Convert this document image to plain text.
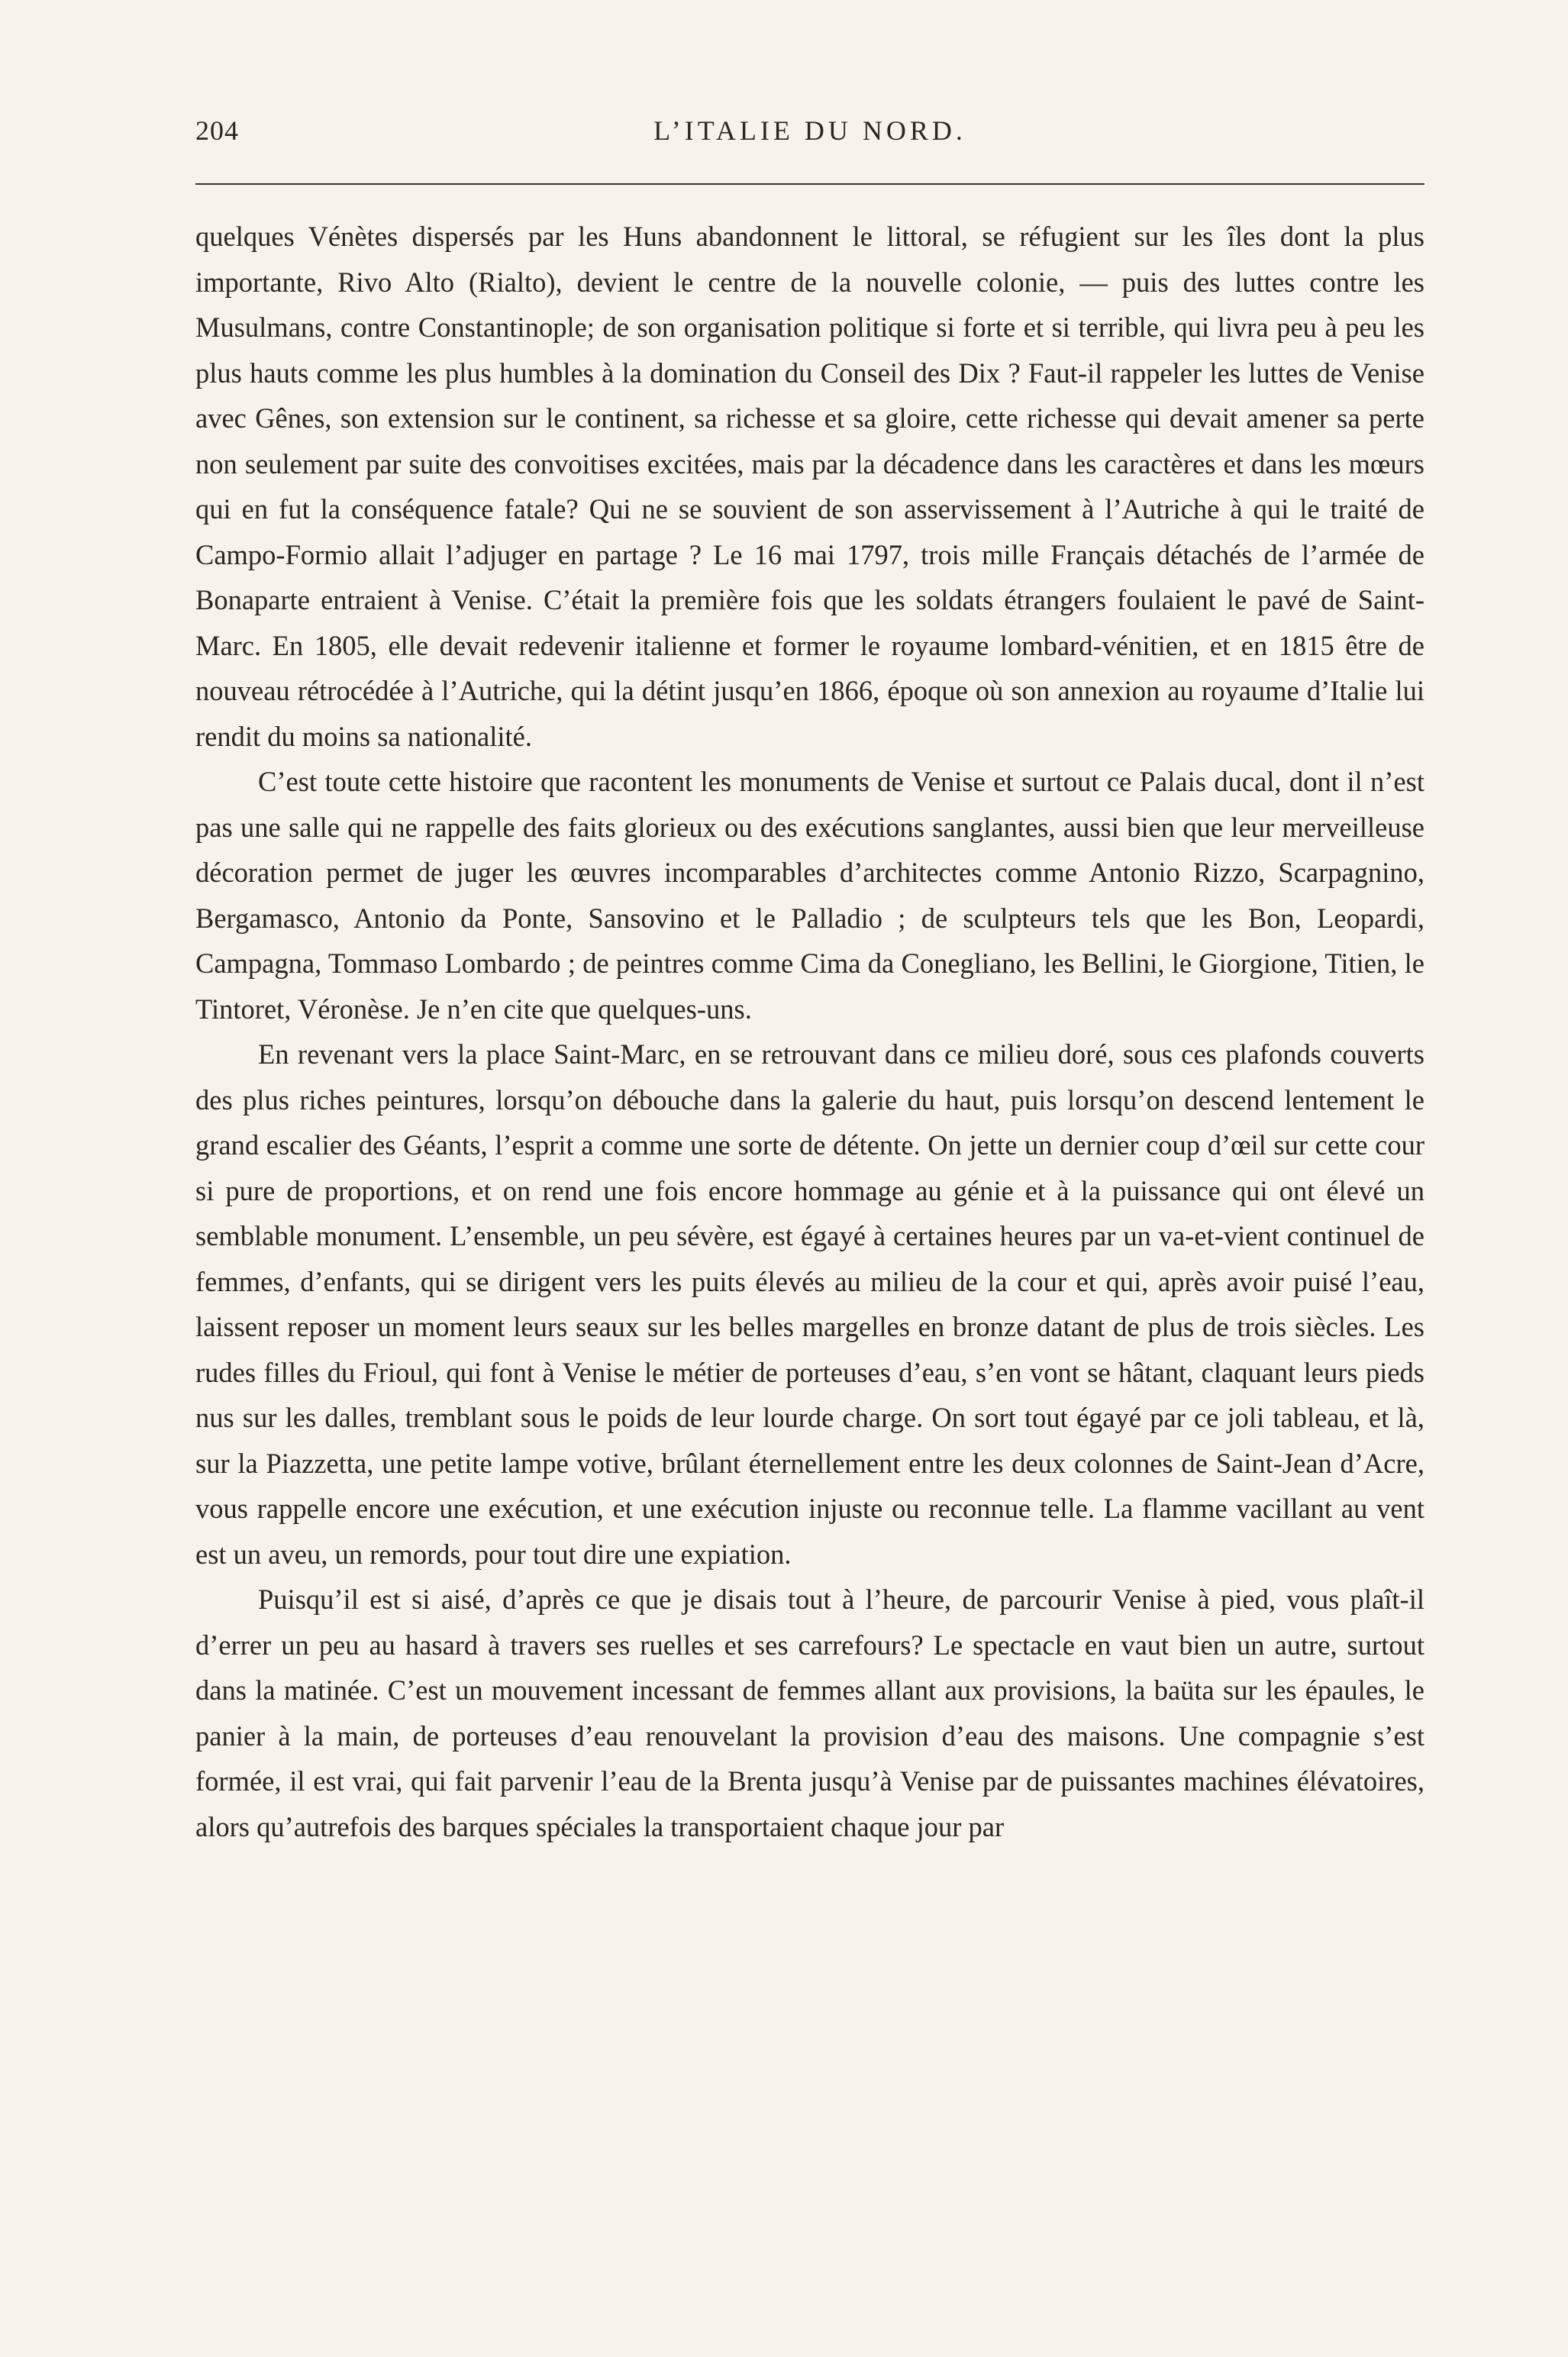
204	L’ITALIE DU NORD.

quelques Vénètes dispersés par les Huns abandonnent le littoral, se réfugient sur les îles dont la plus importante, Rivo Alto (Rialto), devient le centre de la nouvelle colonie, — puis des luttes contre les Musulmans, contre Constantinople; de son organisation politique si forte et si terrible, qui livra peu à peu les plus hauts comme les plus humbles à la domination du Conseil des Dix ? Faut-il rappeler les luttes de Venise avec Gênes, son extension sur le continent, sa richesse et sa gloire, cette richesse qui devait amener sa perte non seulement par suite des convoitises excitées, mais par la décadence dans les caractères et dans les mœurs qui en fut la conséquence fatale? Qui ne se souvient de son asservissement à l’Autriche à qui le traité de Campo-Formio allait l’adjuger en partage ? Le 16 mai 1797, trois mille Français détachés de l’armée de Bonaparte entraient à Venise. C’était la première fois que les soldats étrangers foulaient le pavé de Saint-Marc. En 1805, elle devait redevenir italienne et former le royaume lombard-vénitien, et en 1815 être de nouveau rétrocédée à l’Autriche, qui la détint jusqu’en 1866, époque où son annexion au royaume d’Italie lui rendit du moins sa nationalité.

C’est toute cette histoire que racontent les monuments de Venise et surtout ce Palais ducal, dont il n’est pas une salle qui ne rappelle des faits glorieux ou des exécutions sanglantes, aussi bien que leur merveilleuse décoration permet de juger les œuvres incomparables d’architectes comme Antonio Rizzo, Scarpagnino, Bergamasco, Antonio da Ponte, Sansovino et le Palladio ; de sculpteurs tels que les Bon, Leopardi, Campagna, Tommaso Lombardo ; de peintres comme Cima da Conegliano, les Bellini, le Giorgione, Titien, le Tintoret, Véronèse. Je n’en cite que quelques-uns.

En revenant vers la place Saint-Marc, en se retrouvant dans ce milieu doré, sous ces plafonds couverts des plus riches peintures, lorsqu’on débouche dans la galerie du haut, puis lorsqu’on descend lentement le grand escalier des Géants, l’esprit a comme une sorte de détente. On jette un dernier coup d’œil sur cette cour si pure de proportions, et on rend une fois encore hommage au génie et à la puissance qui ont élevé un semblable monument. L’ensemble, un peu sévère, est égayé à certaines heures par un va-et-vient continuel de femmes, d’enfants, qui se dirigent vers les puits élevés au milieu de la cour et qui, après avoir puisé l’eau, laissent reposer un moment leurs seaux sur les belles margelles en bronze datant de plus de trois siècles. Les rudes filles du Frioul, qui font à Venise le métier de porteuses d’eau, s’en vont se hâtant, claquant leurs pieds nus sur les dalles, tremblant sous le poids de leur lourde charge. On sort tout égayé par ce joli tableau, et là, sur la Piazzetta, une petite lampe votive, brûlant éternellement entre les deux colonnes de Saint-Jean d’Acre, vous rappelle encore une exécution, et une exécution injuste ou reconnue telle. La flamme vacillant au vent est un aveu, un remords, pour tout dire une expiation.

Puisqu’il est si aisé, d’après ce que je disais tout à l’heure, de parcourir Venise à pied, vous plaît-il d’errer un peu au hasard à travers ses ruelles et ses carrefours? Le spectacle en vaut bien un autre, surtout dans la matinée. C’est un mouvement incessant de femmes allant aux provisions, la baüta sur les épaules, le panier à la main, de porteuses d’eau renouvelant la provision d’eau des maisons. Une compagnie s’est formée, il est vrai, qui fait parvenir l’eau de la Brenta jusqu’à Venise par de puissantes machines élévatoires, alors qu’autrefois des barques spéciales la transportaient chaque jour par
